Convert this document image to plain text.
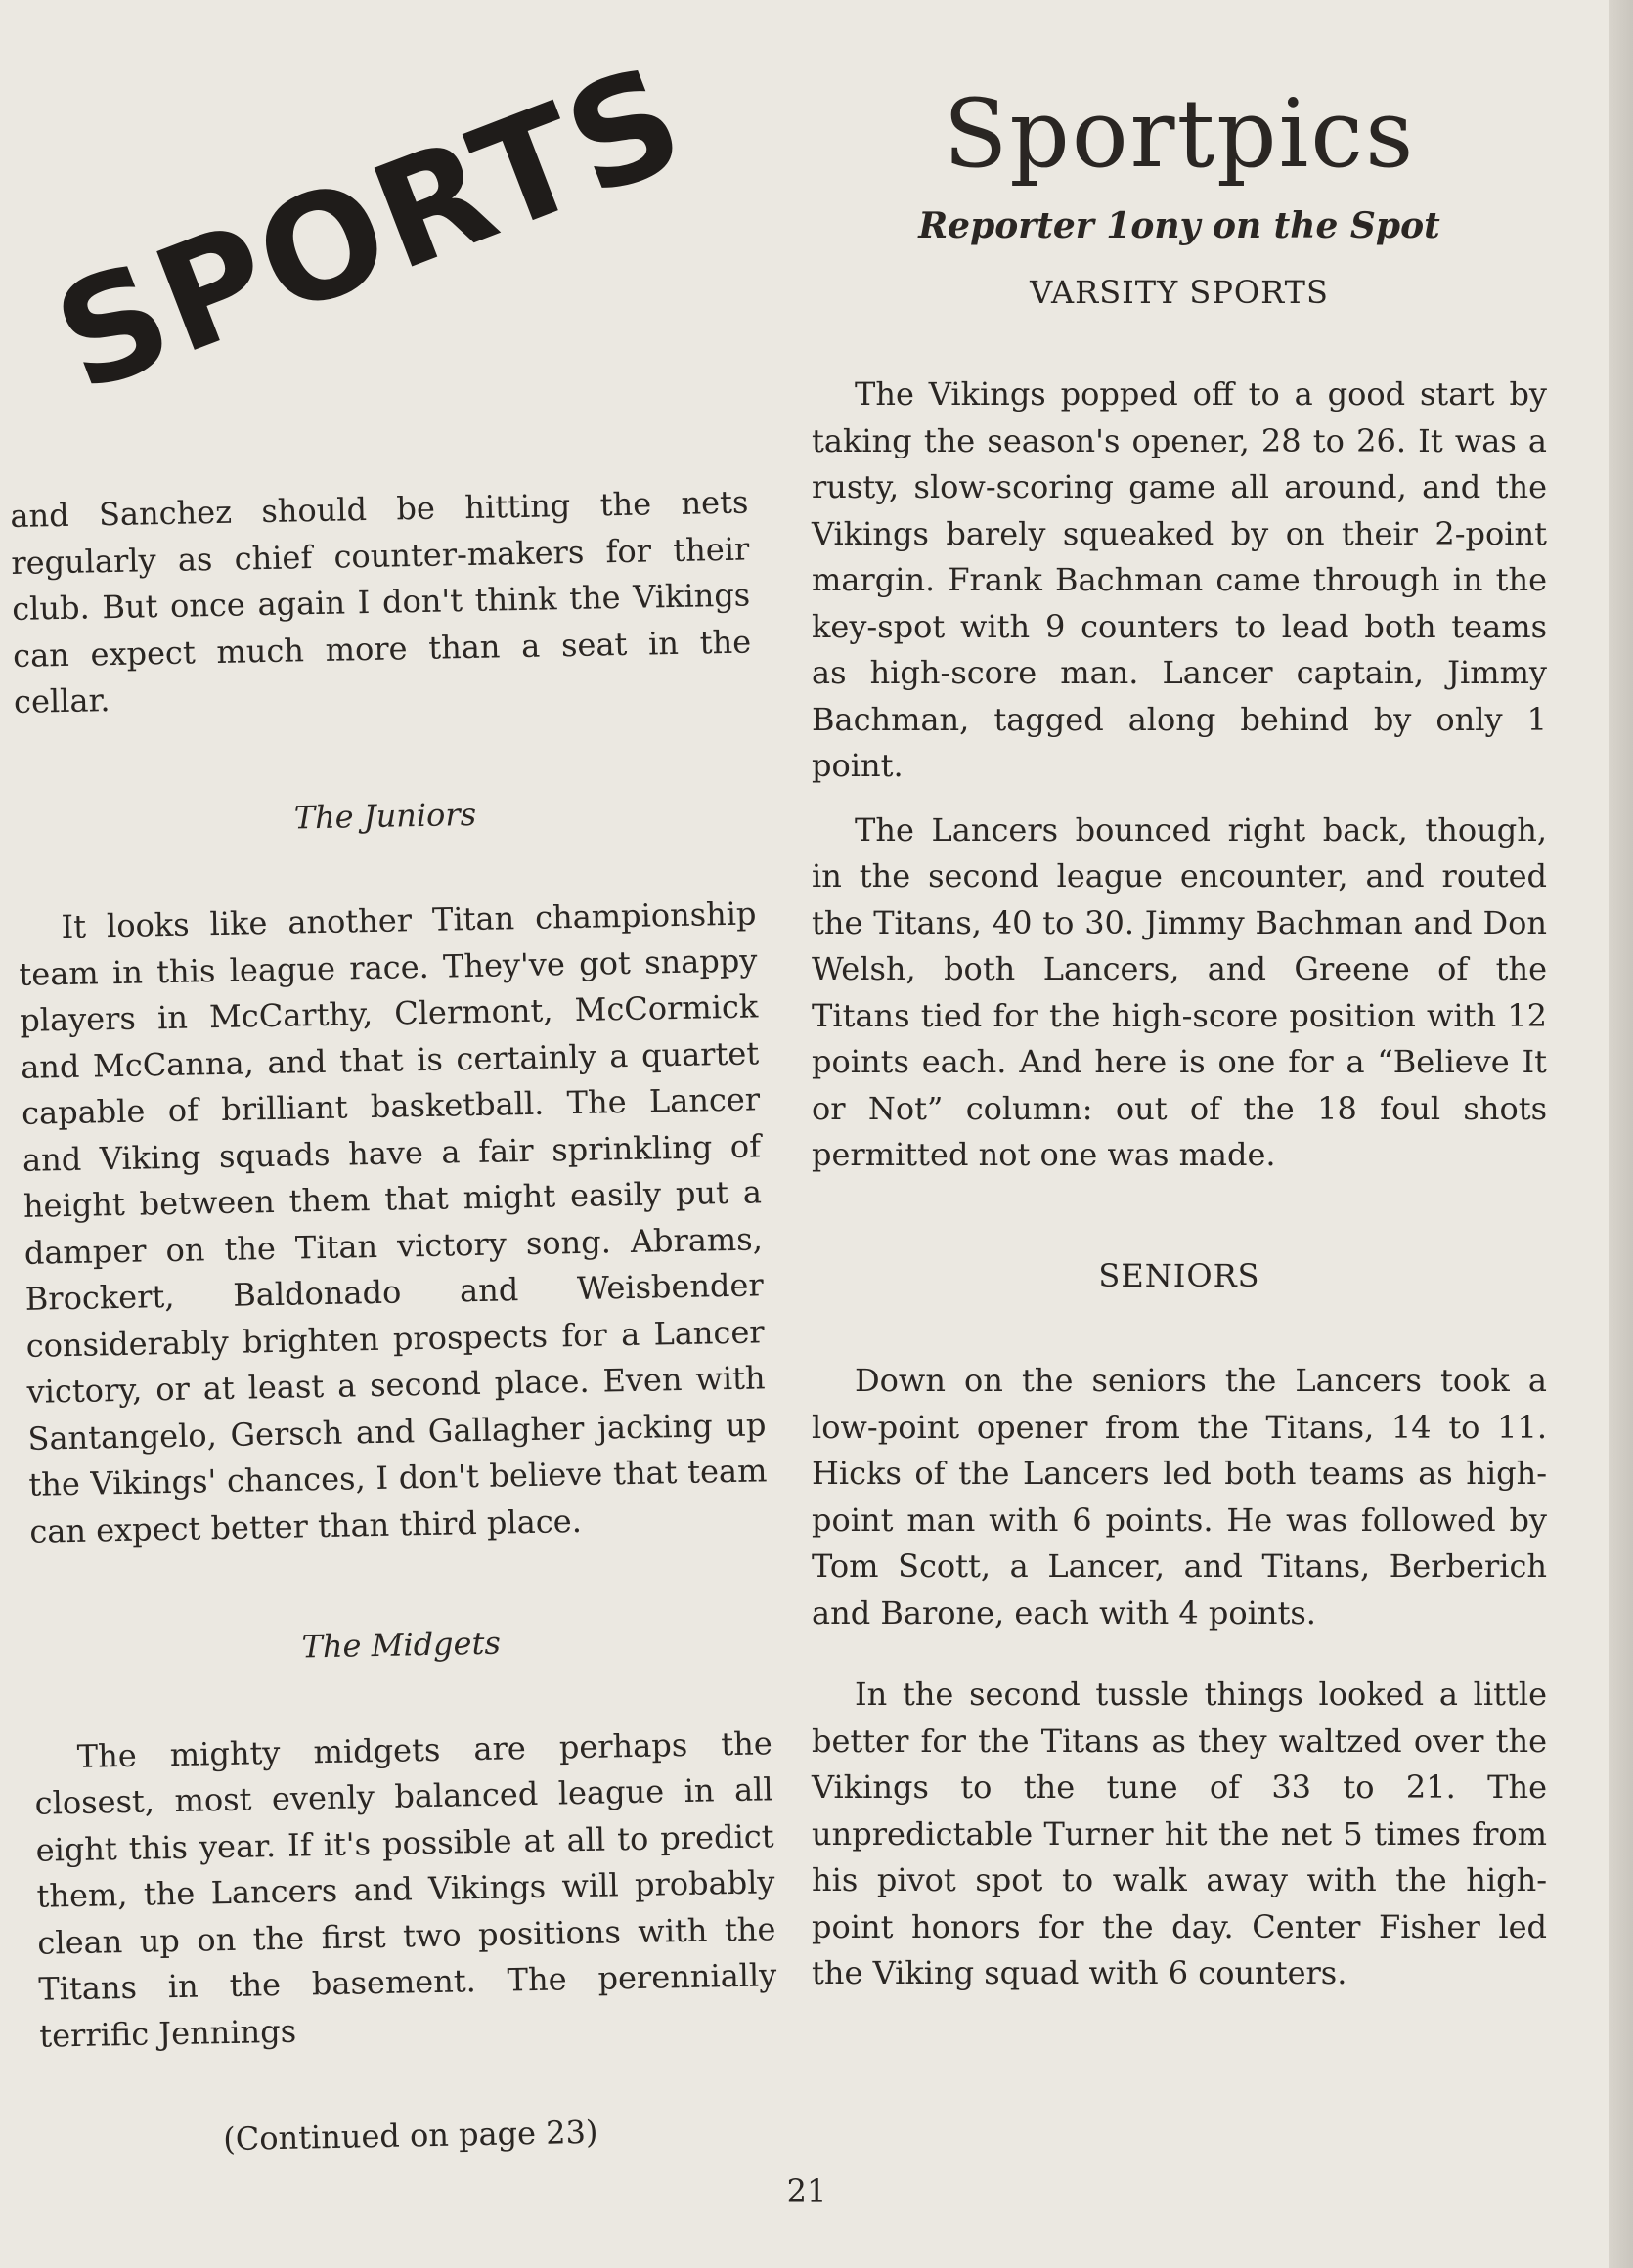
SPORTS

and Sanchez should be hitting the nets regularly as chief counter-makers for their club. But once again I don't think the Vikings can expect much more than a seat in the cellar.

The Juniors

It looks like another Titan championship team in this league race. They've got snappy players in McCarthy, Clermont, McCormick and McCanna, and that is certainly a quartet capable of brilliant basketball. The Lancer and Viking squads have a fair sprinkling of height between them that might easily put a damper on the Titan victory song. Abrams, Brockert, Baldonado and Weisbender considerably brighten prospects for a Lancer victory, or at least a second place. Even with Santangelo, Gersch and Gallagher jacking up the Vikings' chances, I don't believe that team can expect better than third place.

The Midgets

The mighty midgets are perhaps the closest, most evenly balanced league in all eight this year. If it's possible at all to predict them, the Lancers and Vikings will probably clean up on the first two positions with the Titans in the basement. The perennially terrific Jennings

(Continued on page 23)
Sportpics
Reporter 1ony on the Spot
VARSITY SPORTS

The Vikings popped off to a good start by taking the season's opener, 28 to 26. It was a rusty, slow-scoring game all around, and the Vikings barely squeaked by on their 2-point margin. Frank Bachman came through in the key-spot with 9 counters to lead both teams as high-score man. Lancer captain, Jimmy Bachman, tagged along behind by only 1 point.

The Lancers bounced right back, though, in the second league encounter, and routed the Titans, 40 to 30. Jimmy Bachman and Don Welsh, both Lancers, and Greene of the Titans tied for the high-score position with 12 points each. And here is one for a “Believe It or Not” column: out of the 18 foul shots permitted not one was made.

SENIORS

Down on the seniors the Lancers took a low-point opener from the Titans, 14 to 11. Hicks of the Lancers led both teams as high-point man with 6 points. He was followed by Tom Scott, a Lancer, and Titans, Berberich and Barone, each with 4 points.

In the second tussle things looked a little better for the Titans as they waltzed over the Vikings to the tune of 33 to 21. The unpredictable Turner hit the net 5 times from his pivot spot to walk away with the high-point honors for the day. Center Fisher led the Viking squad with 6 counters.

21
